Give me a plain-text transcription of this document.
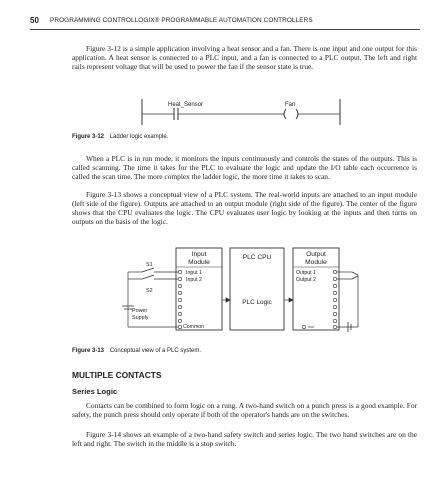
50 PROGRAMMING CONTROLLOGIX® PROGRAMMABLE AUTOMATION CONTROLLERS

Figure 3-12 is a simple application involving a heat sensor and a fan. There is one input and one output for this application. A heat sensor is connected to a PLC input, and a fan is connected to a PLC output. The left and right rails represent voltage that will be used to power the fan if the sensor state is true.

Heat_Sensor	Fan
Figure 3-12 Ladder logic example.

When a PLC is in run mode, it monitors the inputs continuously and controls the states of the outputs. This is called scanning. The time it takes for the PLC to evaluate the logic and update the I/O table each occurrence is called the scan time. The more complex the ladder logic, the more time it takes to scan.

Figure 3-13 shows a conceptual view of a PLC system. The real-world inputs are attached to an input module (left side of the figure). Outputs are attached to an output module (right side of the figure). The center of the figure shows that the CPU evaluates the logic. The CPU evaluates user logic by looking at the inputs and then turns on outputs on the basis of the logic.

Input
Module
Input 1
Input 2
Common
S1
S2
Power
Supply
PLC CPU
PLC Logic
Output
Module
Output 1
Output 2
Figure 3-13 Conceptual view of a PLC system.
MULTIPLE CONTACTS
Series Logic

Contacts can be combined to form logic on a rung. A two-hand switch on a punch press is a good example. For safety, the punch press should only operate if both of the operator's hands are on the switches.

Figure 3-14 shows an example of a two-hand safety switch and series logic. The two hand switches are on the left and right. The switch in the middle is a stop switch.
